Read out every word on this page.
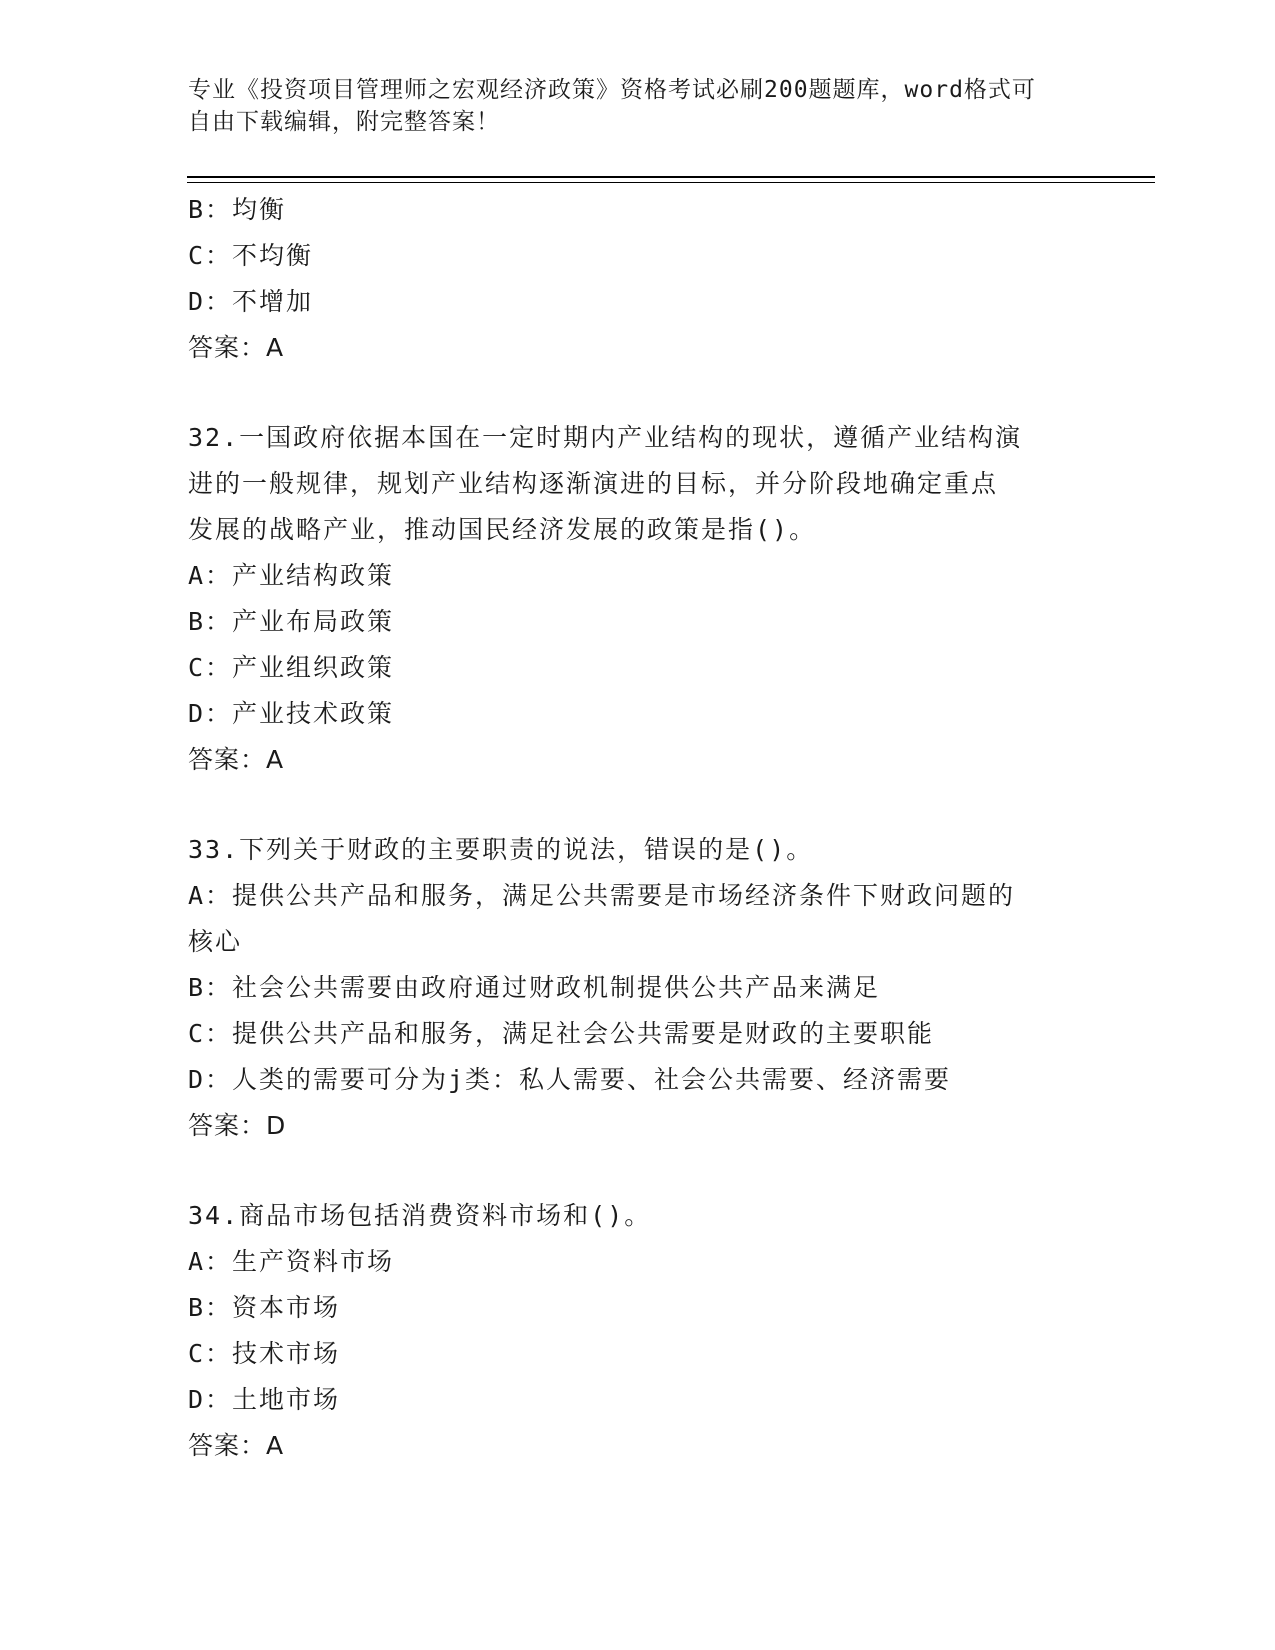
专业《投资项目管理师之宏观经济政策》资格考试必刷200题题库，word格式可
自由下载编辑，附完整答案！
B：均衡
C：不均衡
D：不增加
答案：A
32.一国政府依据本国在一定时期内产业结构的现状，遵循产业结构演
进的一般规律，规划产业结构逐渐演进的目标，并分阶段地确定重点
发展的战略产业，推动国民经济发展的政策是指()。
A：产业结构政策
B：产业布局政策
C：产业组织政策
D：产业技术政策
答案：A
33.下列关于财政的主要职责的说法，错误的是()。
A：提供公共产品和服务，满足公共需要是市场经济条件下财政问题的
核心
B：社会公共需要由政府通过财政机制提供公共产品来满足
C：提供公共产品和服务，满足社会公共需要是财政的主要职能
D：人类的需要可分为j类：私人需要、社会公共需要、经济需要
答案：D
34.商品市场包括消费资料市场和()。
A：生产资料市场
B：资本市场
C：技术市场
D：土地市场
答案：A
